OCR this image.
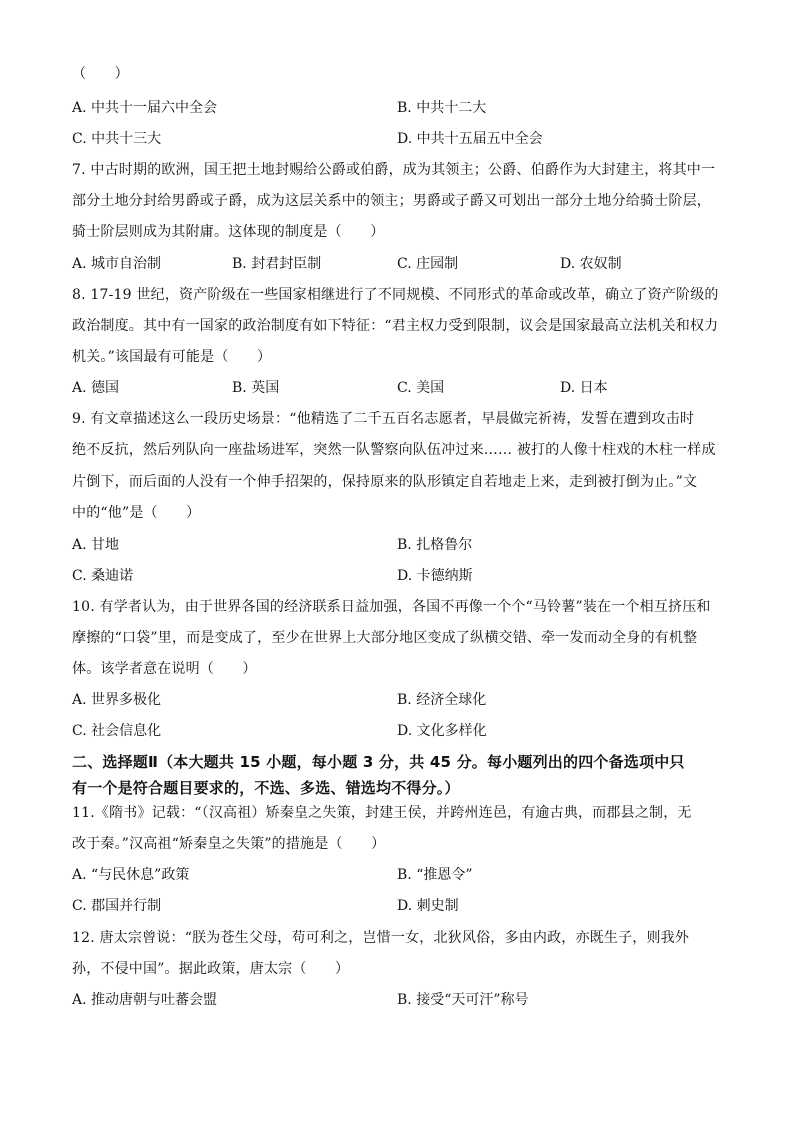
（　　）
A. 中共十一届六中全会	B. 中共十二大
C. 中共十三大	D. 中共十五届五中全会
7. 中古时期的欧洲，国王把土地封赐给公爵或伯爵，成为其领主；公爵、伯爵作为大封建主，将其中一
部分土地分封给男爵或子爵，成为这层关系中的领主；男爵或子爵又可划出一部分土地分给骑士阶层，
骑士阶层则成为其附庸。这体现的制度是（　　）
A. 城市自治制	B. 封君封臣制	C. 庄园制	D. 农奴制
8. 17-19 世纪，资产阶级在一些国家相继进行了不同规模、不同形式的革命或改革，确立了资产阶级的
政治制度。其中有一国家的政治制度有如下特征：“君主权力受到限制，议会是国家最高立法机关和权力
机关。”该国最有可能是（　　）
A. 德国	B. 英国	C. 美国	D. 日本
9. 有文章描述这么一段历史场景：“他精选了二千五百名志愿者，早晨做完祈祷，发誓在遭到攻击时
绝不反抗，然后列队向一座盐场进军，突然一队警察向队伍冲过来…… 被打的人像十柱戏的木柱一样成
片倒下，而后面的人没有一个伸手招架的，保持原来的队形镇定自若地走上来，走到被打倒为止。”文
中的“他”是（　　）
A. 甘地	B. 扎格鲁尔
C. 桑迪诺	D. 卡德纳斯
10. 有学者认为，由于世界各国的经济联系日益加强，各国不再像一个个“马铃薯”装在一个相互挤压和
摩擦的“口袋”里，而是变成了，至少在世界上大部分地区变成了纵横交错、牵一发而动全身的有机整
体。该学者意在说明（　　）
A. 世界多极化	B. 经济全球化
C. 社会信息化	D. 文化多样化
二、选择题Ⅱ（本大题共 15 小题，每小题 3 分，共 45 分。每小题列出的四个备选项中只
有一个是符合题目要求的，不选、多选、错选均不得分。）
11.《隋书》记载：“（汉高祖）矫秦皇之失策，封建王侯，并跨州连邑，有逾古典，而郡县之制，无
改于秦。”汉高祖“矫秦皇之失策”的措施是（　　）
A. “与民休息”政策	B. “推恩令”
C. 郡国并行制	D. 刺史制
12. 唐太宗曾说：“朕为苍生父母，苟可利之，岂惜一女，北狄风俗，多由内政，亦既生子，则我外
孙，不侵中国”。据此政策，唐太宗（　　）
A. 推动唐朝与吐蕃会盟	B. 接受“天可汗”称号
